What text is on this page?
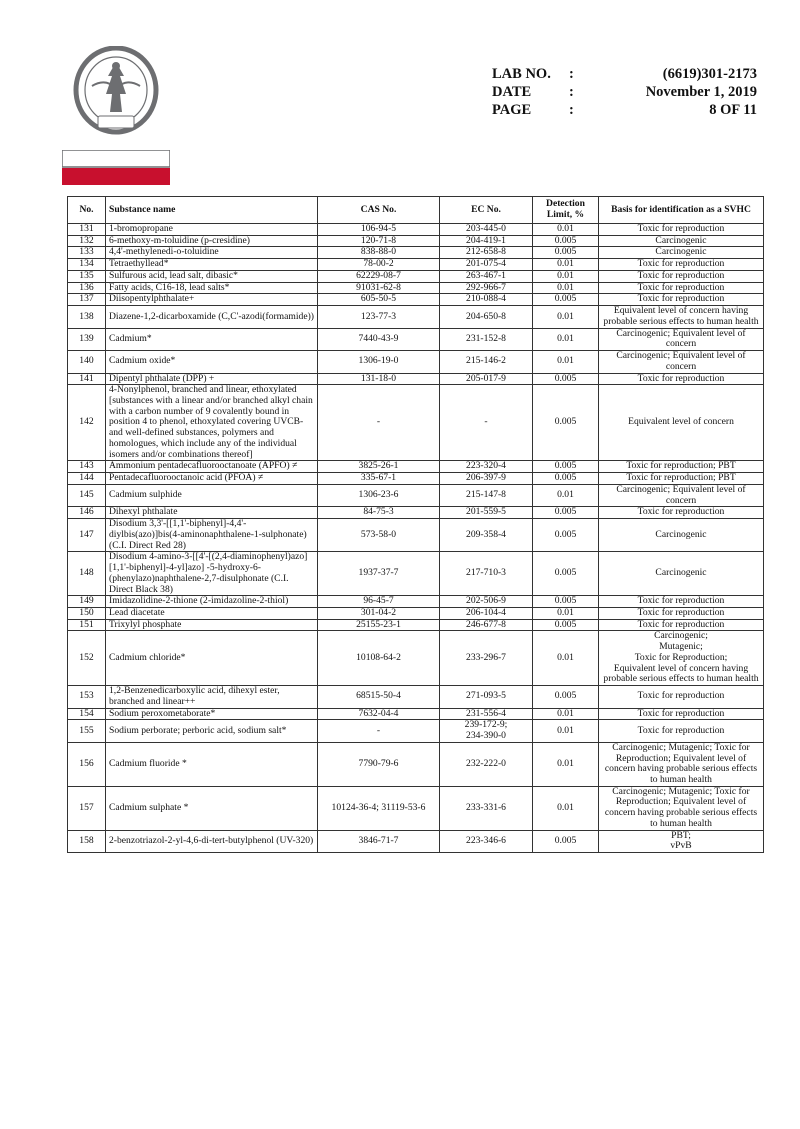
LAB NO. :	(6619)301-2173
DATE	:	November 1, 2019
PAGE	:	8 OF 11
No.	Substance name	CAS No.	EC No.	Detection Limit, %	Basis for identification as a SVHC
131	1-bromopropane	106-94-5	203-445-0	0.01	Toxic for reproduction
132	6-methoxy-m-toluidine (p-cresidine)	120-71-8	204-419-1	0.005	Carcinogenic
133	4,4'-methylenedi-o-toluidine	838-88-0	212-658-8	0.005	Carcinogenic
134	Tetraethyllead*	78-00-2	201-075-4	0.01	Toxic for reproduction
135	Sulfurous acid, lead salt, dibasic*	62229-08-7	263-467-1	0.01	Toxic for reproduction
136	Fatty acids, C16-18, lead salts*	91031-62-8	292-966-7	0.01	Toxic for reproduction
137	Diisopentylphthalate+	605-50-5	210-088-4	0.005	Toxic for reproduction
138	Diazene-1,2-dicarboxamide (C,C'-azodi(formamide))	123-77-3	204-650-8	0.01	Equivalent level of concern having probable serious effects to human health
139	Cadmium*	7440-43-9	231-152-8	0.01	Carcinogenic; Equivalent level of concern
140	Cadmium oxide*	1306-19-0	215-146-2	0.01	Carcinogenic; Equivalent level of concern
141	Dipentyl phthalate (DPP) +	131-18-0	205-017-9	0.005	Toxic for reproduction
142	4-Nonylphenol, branched and linear, ethoxylated [substances with a linear and/or branched alkyl chain with a carbon number of 9 covalently bound in position 4 to phenol, ethoxylated covering UVCB- and well-defined substances, polymers and homologues, which include any of the individual isomers and/or combinations thereof]	-	-	0.005	Equivalent level of concern
143	Ammonium pentadecafluorooctanoate (APFO) ≠	3825-26-1	223-320-4	0.005	Toxic for reproduction; PBT
144	Pentadecafluorooctanoic acid (PFOA) ≠	335-67-1	206-397-9	0.005	Toxic for reproduction; PBT
145	Cadmium sulphide	1306-23-6	215-147-8	0.01	Carcinogenic; Equivalent level of concern
146	Dihexyl phthalate	84-75-3	201-559-5	0.005	Toxic for reproduction
147	Disodium 3,3'-[[1,1'-biphenyl]-4,4'-diylbis(azo)]bis(4-aminonaphthalene-1-sulphonate) (C.I. Direct Red 28)	573-58-0	209-358-4	0.005	Carcinogenic
148	Disodium 4-amino-3-[[4'-[(2,4-diaminophenyl)azo][1,1'-biphenyl]-4-yl]azo] -5-hydroxy-6-(phenylazo)naphthalene-2,7-disulphonate (C.I. Direct Black 38)	1937-37-7	217-710-3	0.005	Carcinogenic
149	Imidazolidine-2-thione (2-imidazoline-2-thiol)	96-45-7	202-506-9	0.005	Toxic for reproduction
150	Lead diacetate	301-04-2	206-104-4	0.01	Toxic for reproduction
151	Trixylyl phosphate	25155-23-1	246-677-8	0.005	Toxic for reproduction
152	Cadmium chloride*	10108-64-2	233-296-7	0.01	Carcinogenic;
Mutagenic;
Toxic for Reproduction;
Equivalent level of concern having probable serious effects to human health
153	1,2-Benzenedicarboxylic acid, dihexyl ester, branched and linear++	68515-50-4	271-093-5	0.005	Toxic for reproduction
154	Sodium peroxometaborate*	7632-04-4	231-556-4	0.01	Toxic for reproduction
155	Sodium perborate; perboric acid, sodium salt*	-	239-172-9;
234-390-0	0.01	Toxic for reproduction
156	Cadmium fluoride *	7790-79-6	232-222-0	0.01	Carcinogenic; Mutagenic; Toxic for Reproduction; Equivalent level of concern having probable serious effects to human health
157	Cadmium sulphate *	10124-36-4; 31119-53-6	233-331-6	0.01	Carcinogenic; Mutagenic; Toxic for Reproduction; Equivalent level of concern having probable serious effects to human health
158	2-benzotriazol-2-yl-4,6-di-tert-butylphenol (UV-320)	3846-71-7	223-346-6	0.005	PBT;
vPvB
